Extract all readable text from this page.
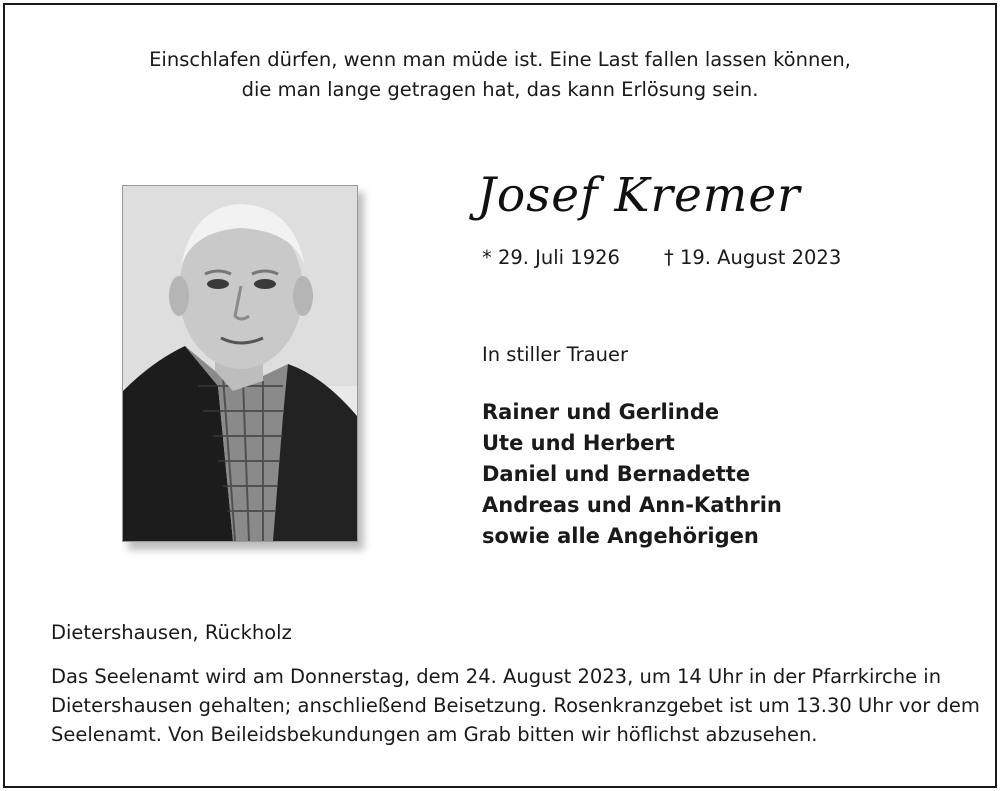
Einschlafen dürfen, wenn man müde ist. Eine Last fallen lassen können,
die man lange getragen hat, das kann Erlösung sein.
Josef Kremer
* 29. Juli 1926 † 19. August 2023
In stiller Trauer
Rainer und Gerlinde
Ute und Herbert
Daniel und Bernadette
Andreas und Ann-Kathrin
sowie alle Angehörigen
Dietershausen, Rückholz
Das Seelenamt wird am Donnerstag, dem 24. August 2023, um 14 Uhr in der Pfarrkirche in
Dietershausen gehalten; anschließend Beisetzung. Rosenkranzgebet ist um 13.30 Uhr vor dem
Seelenamt. Von Beileidsbekundungen am Grab bitten wir höflichst abzusehen.
